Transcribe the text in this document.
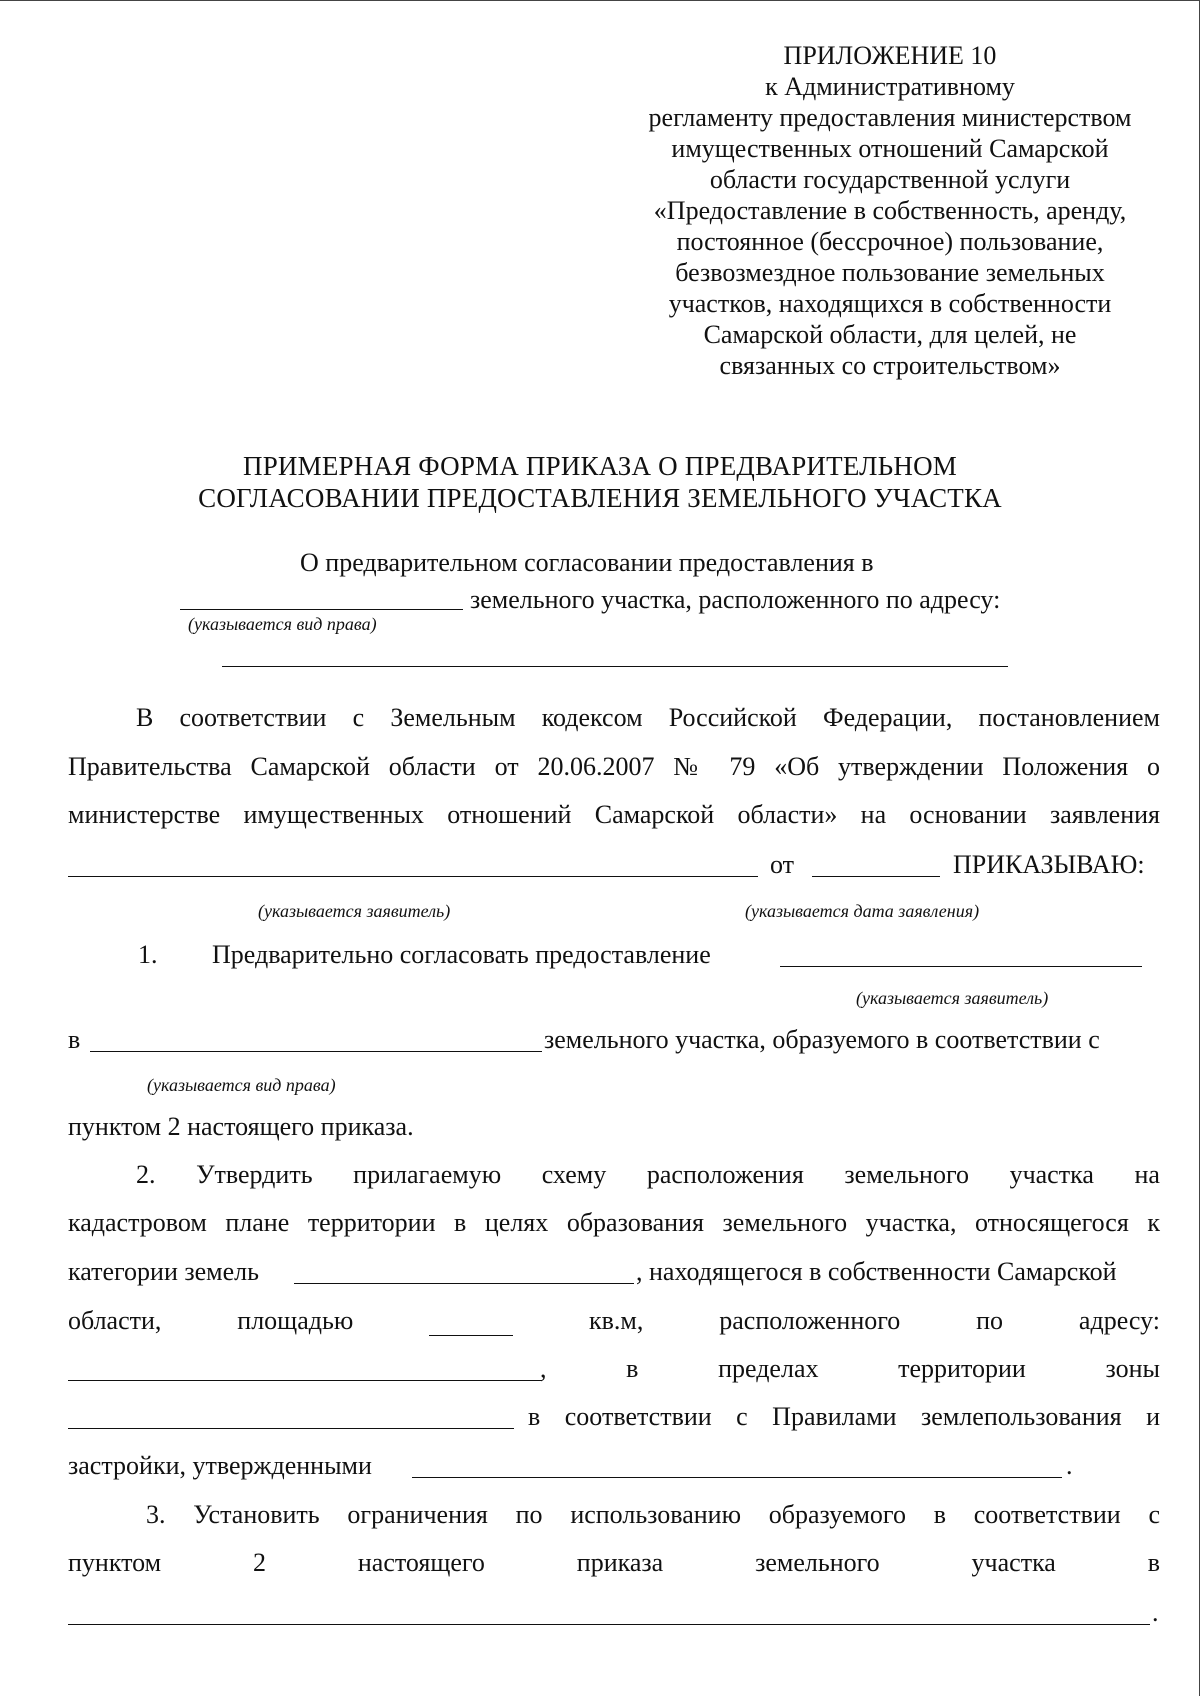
ПРИЛОЖЕНИЕ 10
к Административному
регламенту предоставления министерством
имущественных отношений Самарской
области государственной услуги
«Предоставление в собственность, аренду,
постоянное (бессрочное) пользование,
безвозмездное пользование земельных
участков, находящихся в собственности
Самарской области, для целей, не
связанных со строительством»
ПРИМЕРНАЯ ФОРМА ПРИКАЗА О ПРЕДВАРИТЕЛЬНОМ
СОГЛАСОВАНИИ ПРЕДОСТАВЛЕНИЯ ЗЕМЕЛЬНОГО УЧАСТКА
О предварительном согласовании предоставления в
земельного участка, расположенного по адресу:
(указывается вид права)
В соответствии с Земельным кодексом Российской Федерации, постановлением
Правительства Самарской области от 20.06.2007 № 79 «Об утверждении Положения о
министерстве имущественных отношений Самарской области» на основании заявления
от	ПРИКАЗЫВАЮ:
(указывается заявитель)	(указывается дата заявления)
1. Предварительно согласовать предоставление
(указывается заявитель)
в	земельного участка, образуемого в соответствии с
(указывается вид права)
пунктом 2 настоящего приказа.
2. Утвердить прилагаемую схему расположения земельного участка на
кадастровом плане территории в целях образования земельного участка, относящегося к
категории земель	, находящегося в собственности Самарской
области,	площадью	кв.м,	расположенного	по	адресу:
,	в	пределах	территории	зоны
в соответствии с Правилами землепользования и
застройки, утвержденными	.
3. Установить ограничения по использованию образуемого в соответствии с
пунктом	2	настоящего	приказа	земельного	участка	в
.
